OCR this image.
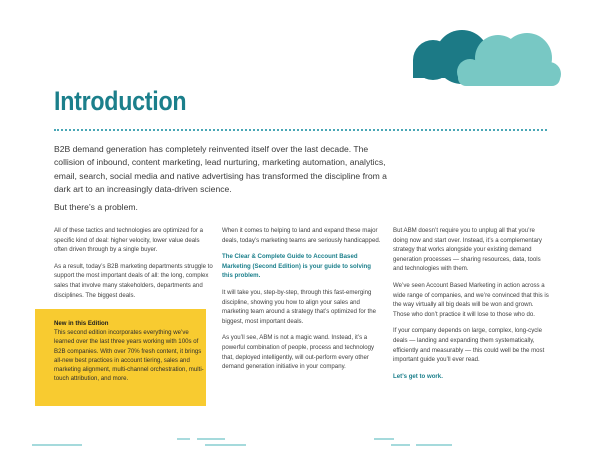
Introduction

B2B demand generation has completely reinvented itself over the last decade. The collision of inbound, content marketing, lead nurturing, marketing automation, analytics, email, search, social media and native advertising has transformed the discipline from a dark art to an increasingly data-driven science.

But there’s a problem.

All of these tactics and technologies are optimized for a specific kind of deal: higher velocity, lower value deals often driven through by a single buyer.

As a result, today’s B2B marketing departments struggle to support the most important deals of all: the long, complex sales that involve many stakeholders, departments and disciplines. The biggest deals.

New in this Edition
This second edition incorporates everything we’ve learned over the last three years working with 100s of B2B companies. With over 70% fresh content, it brings all-new best practices in account tiering, sales and marketing alignment, multi-channel orchestration, multi-touch attribution, and more.

When it comes to helping to land and expand these major deals, today’s marketing teams are seriously handicapped.

The Clear & Complete Guide to Account Based Marketing (Second Edition) is your guide to solving this problem.

It will take you, step-by-step, through this fast-emerging discipline, showing you how to align your sales and marketing team around a strategy that’s optimized for the biggest, most important deals.

As you’ll see, ABM is not a magic wand. Instead, it’s a powerful combination of people, process and technology that, deployed intelligently, will out-perform every other demand generation initiative in your company.

But ABM doesn’t require you to unplug all that you’re doing now and start over. Instead, it’s a complementary strategy that works alongside your existing demand generation processes — sharing resources, data, tools and technologies with them.

We’ve seen Account Based Marketing in action across a wide range of companies, and we’re convinced that this is the way virtually all big deals will be won and grown. Those who don’t practice it will lose to those who do.

If your company depends on large, complex, long-cycle deals — landing and expanding them systematically, efficiently and measurably — this could well be the most important guide you’ll ever read.

Let’s get to work.
